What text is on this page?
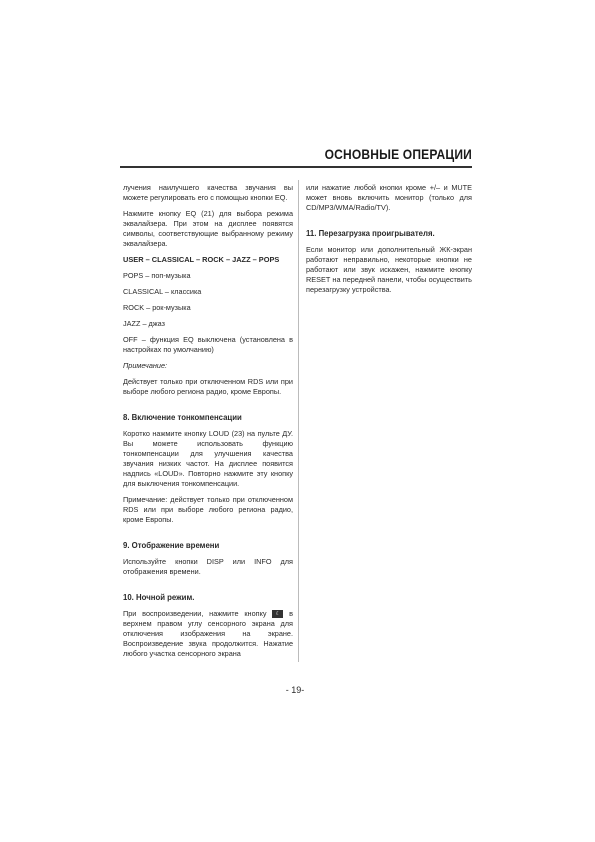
ОСНОВНЫЕ ОПЕРАЦИИ

лучения наилучшего качества звучания вы можете регулировать его с помощью кнопки EQ.

Нажмите кнопку EQ (21) для выбора режима эквалайзера. При этом на дисплее появятся символы, соответствующие выбранному режиму эквалайзера.

USER – CLASSICAL – ROCK – JAZZ – POPS

POPS – поп-музыка

CLASSICAL – классика

ROCK – рок-музыка

JAZZ – джаз

OFF – функция EQ выключена (установлена в настройках по умолчанию)

Примечание:

Действует только при отключенном RDS или при выборе любого региона радио, кроме Европы.

8. Включение тонкомпенсации

Коротко нажмите кнопку LOUD (23) на пульте ДУ. Вы можете использовать функцию тонкомпенсации для улучшения качества звучания низких частот. На дисплее появится надпись «LOUD». Повторно нажмите эту кнопку для выключения тонкомпенсации.

Примечание: действует только при отключенном RDS или при выборе любого региона радио, кроме Европы.

9. Отображение времени

Используйте кнопки DISP или INFO для отображения времени.

10. Ночной режим.

При воспроизведении, нажмите кнопку ☾ в верхнем правом углу сенсорного экрана для отключения изображения на экране. Воспроизведение звука продолжится. Нажатие любого участка сенсорного экрана

или нажатие любой кнопки кроме +/– и MUTE может вновь включить монитор (только для CD/MP3/WMA/Radio/TV).

11. Перезагрузка проигрывателя.

Если монитор или дополнительный ЖК-экран работают неправильно, некоторые кнопки не работают или звук искажен, нажмите кнопку RESET на передней панели, чтобы осуществить перезагрузку устройства.

- 19-
